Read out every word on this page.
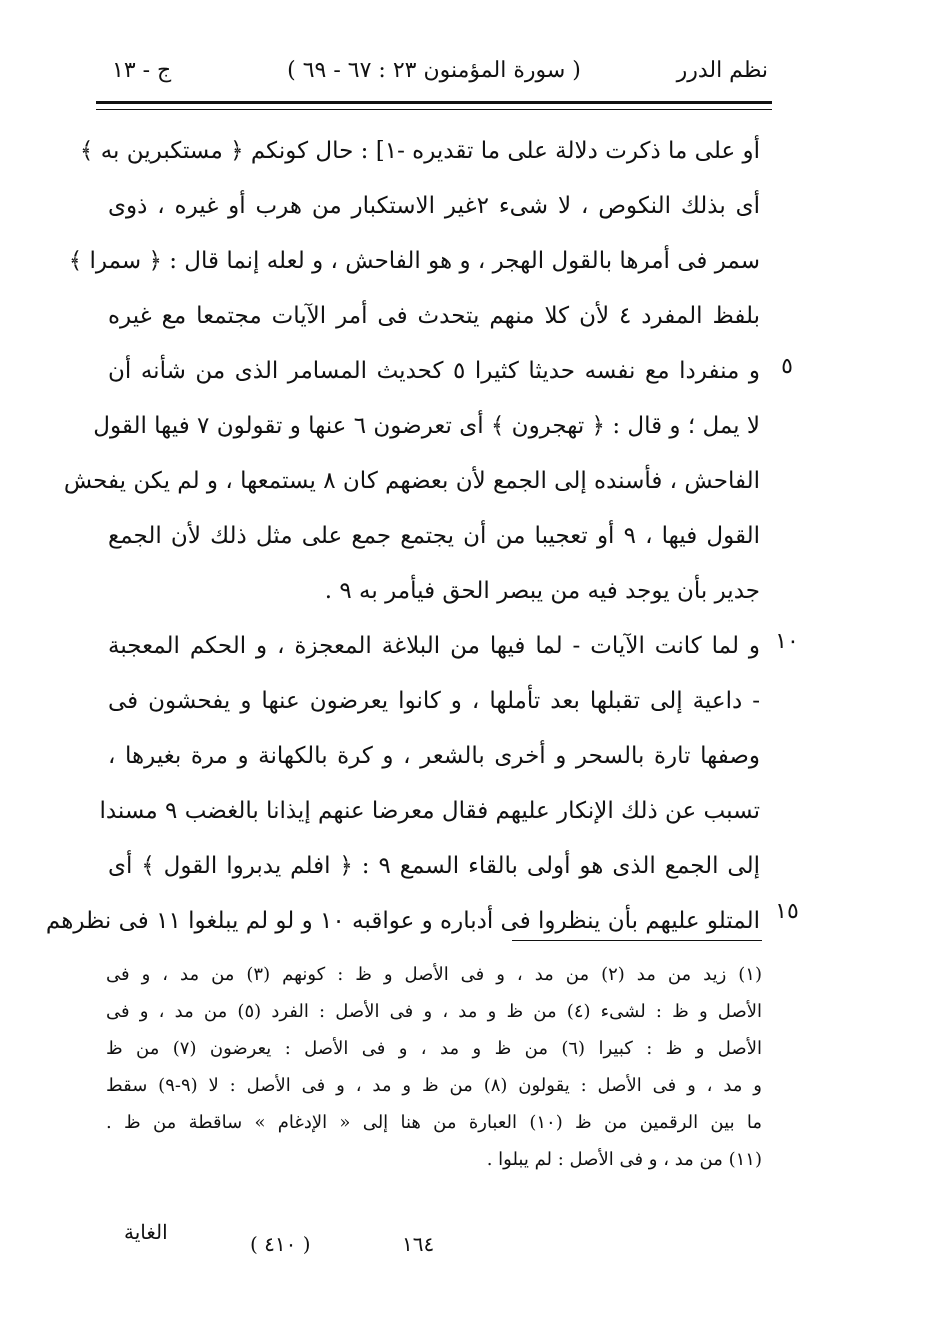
نظم الدرر
( سورة المؤمنون ٢٣ : ٦٧ - ٦٩ )
ج - ١٣
أو على ما ذكرت دلالة على ما تقديره -١] : حال كونكم ﴿ مستكبرين به ﴾
أى بذلك النكوص ، لا شىء ٢غير الاستكبار من هرب أو غيره ، ذوى
سمر فى أمرها بالقول الهجر ، و هو الفاحش ، و لعله إنما قال : ﴿ سمرا ﴾
بلفظ المفرد ٤ لأن كلا منهم يتحدث فى أمر الآيات مجتمعا مع غيره
و منفردا مع نفسه حديثا كثيرا ٥ كحديث المسامر الذى من شأنه أن
لا يمل ؛ و قال : ﴿ تهجرون ﴾ أى تعرضون ٦ عنها و تقولون ٧ فيها القول
الفاحش ، فأسنده إلى الجمع لأن بعضهم كان ٨ يستمعها ، و لم يكن يفحش
القول فيها ، ٩ أو تعجيبا من أن يجتمع جمع على مثل ذلك لأن الجمع
جدير بأن يوجد فيه من يبصر الحق فيأمر به ٩ .
و لما كانت الآيات - لما فيها من البلاغة المعجزة ، و الحكم المعجبة
- داعية إلى تقبلها بعد تأملها ، و كانوا يعرضون عنها و يفحشون فى
وصفها تارة بالسحر و أخرى بالشعر ، و كرة بالكهانة و مرة بغيرها ،
تسبب عن ذلك الإنكار عليهم فقال معرضا عنهم إيذانا بالغضب ٩ مسندا
إلى الجمع الذى هو أولى بالقاء السمع ٩ : ﴿ افلم يدبروا القول ﴾ أى
المتلو عليهم بأن ينظروا فى أدباره و عواقبه ١٠ و لو لم يبلغوا ١١ فى نظرهم
٥
١٠
١٥
(١) زيد من مد (٢) من مد ، و فى الأصل و ظ : كونهم (٣) من مد ، و فى
الأصل و ظ : لشىء (٤) من ظ و مد ، و فى الأصل : الفرد (٥) من مد ، و فى
الأصل و ظ : كبيرا (٦) من ظ و مد ، و فى الأصل : يعرضون (٧) من ظ
و مد ، و فى الأصل : يقولون (٨) من ظ و مد ، و فى الأصل : لا (٩-٩) سقط
ما بين الرقمين من ظ (١٠) العبارة من هنا إلى « الإدغام » ساقطة من ظ .
(١١) من مد ، و فى الأصل : لم يبلوا .
١٦٤
( ٤١٠ )
الغاية
